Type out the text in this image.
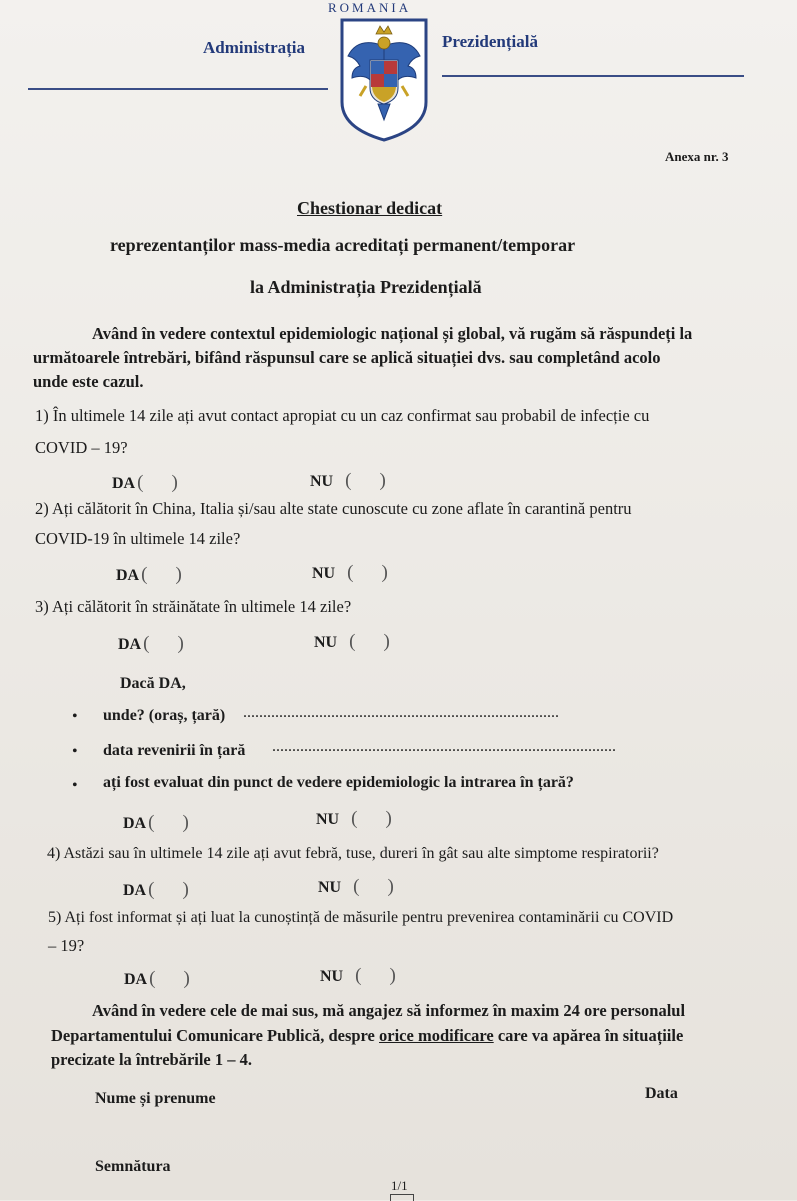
ROMANIA
Administrația	Prezidențială
Anexa nr. 3
Chestionar dedicat
reprezentanților mass-media acreditați permanent/temporar
la Administrația Prezidențială
Având în vedere contextul epidemiologic național și global, vă rugăm să răspundeți la
următoarele întrebări, bifând răspunsul care se aplică situației dvs. sau completând acolo
unde este cazul.
1) În ultimele 14 zile ați avut contact apropiat cu un caz confirmat sau probabil de infecție cu
COVID – 19?
DA ( )	NU ( )
2) Ați călătorit în China, Italia și/sau alte state cunoscute cu zone aflate în carantină pentru
COVID-19 în ultimele 14 zile?
DA ( )	NU ( )
3) Ați călătorit în străinătate în ultimele 14 zile?
DA ( )	NU ( )
Dacă DA,
• unde? (oraș, țară) ...............................................................................
• data revenirii în țară ......................................................................................
• ați fost evaluat din punct de vedere epidemiologic la intrarea în țară?
DA ( )	NU ( )
4) Astăzi sau în ultimele 14 zile ați avut febră, tuse, dureri în gât sau alte simptome respiratorii?
DA ( )	NU ( )
5) Ați fost informat și ați luat la cunoștință de măsurile pentru prevenirea contaminării cu COVID
– 19?
DA ( )	NU ( )
Având în vedere cele de mai sus, mă angajez să informez în maxim 24 ore personalul
Departamentului Comunicare Publică, despre orice modificare care va apărea în situațiile
precizate la întrebările 1 – 4.
Nume și prenume	Data
Semnătura
1/1
